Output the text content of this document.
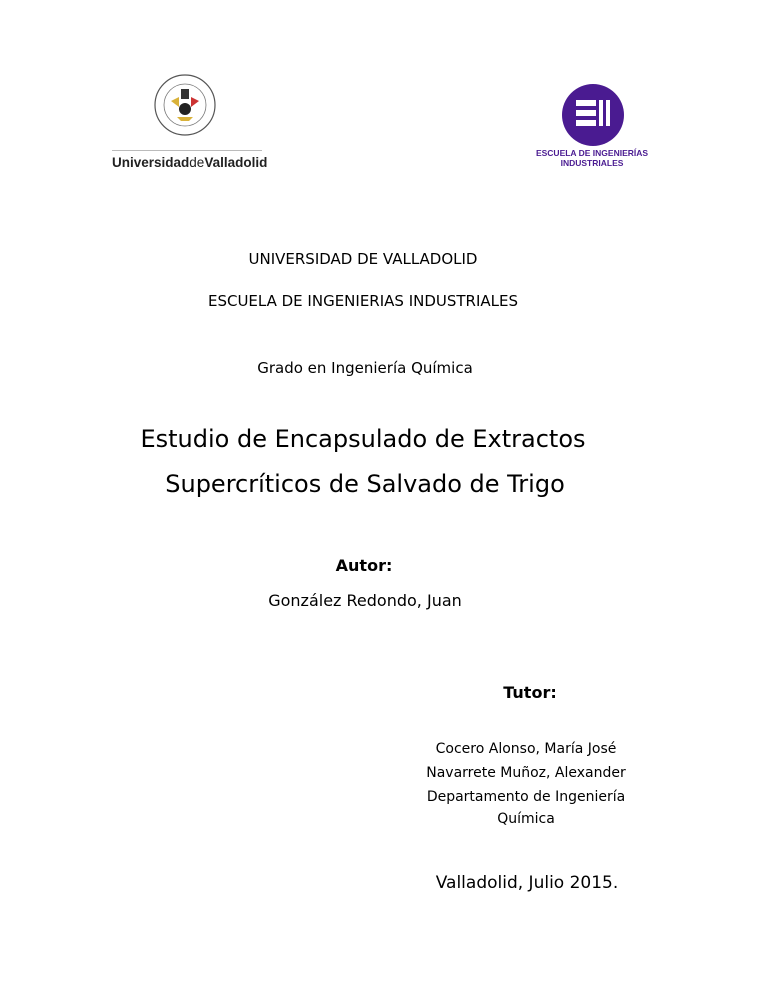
UniversidaddeValladolid
ESCUELA DE INGENIERÍAS
INDUSTRIALES
UNIVERSIDAD DE VALLADOLID
ESCUELA DE INGENIERIAS INDUSTRIALES
Grado en Ingeniería Química
Estudio de Encapsulado de Extractos
Supercríticos de Salvado de Trigo
Autor:
González Redondo, Juan
Tutor:
Cocero Alonso, María José
Navarrete Muñoz, Alexander
Departamento de Ingeniería
Química
Valladolid, Julio 2015.
